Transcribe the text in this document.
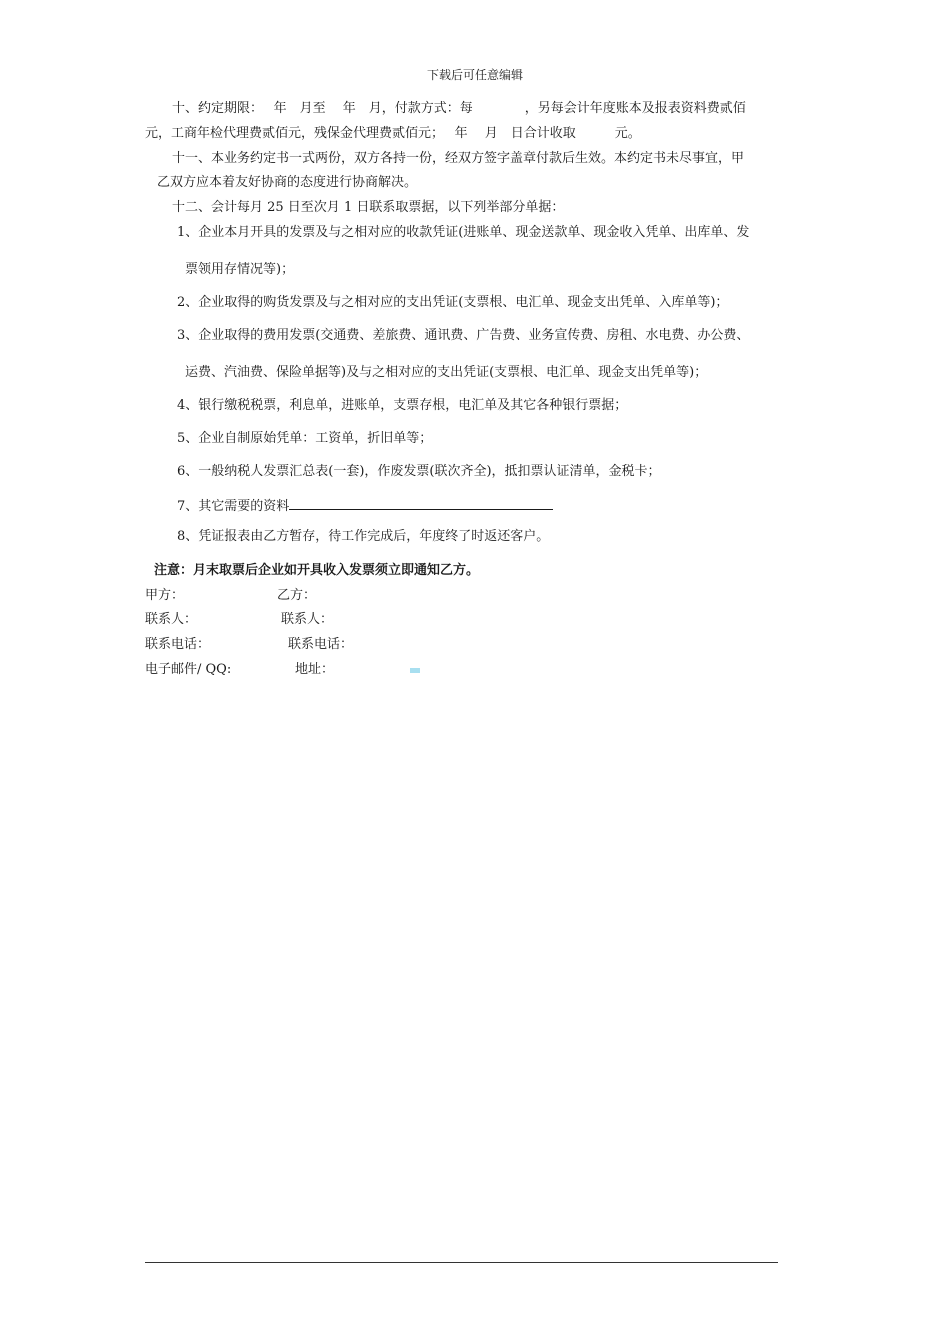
下载后可任意编辑
十、约定期限：　 年　月至　 年　月，付款方式：每　　　　，另每会计年度账本及报表资料费贰佰
元，工商年检代理费贰佰元，残保金代理费贰佰元；　 年　 月　日合计收取　　　元。
十一、本业务约定书一式两份，双方各持一份，经双方签字盖章付款后生效。本约定书未尽事宜，甲
乙双方应本着友好协商的态度进行协商解决。
十二、会计每月 25 日至次月 1 日联系取票据，以下列举部分单据：
1、企业本月开具的发票及与之相对应的收款凭证(进账单、现金送款单、现金收入凭单、出库单、发
票领用存情况等)；
2、企业取得的购货发票及与之相对应的支出凭证(支票根、电汇单、现金支出凭单、入库单等)；
3、企业取得的费用发票(交通费、差旅费、通讯费、广告费、业务宣传费、房租、水电费、办公费、
运费、汽油费、保险单据等)及与之相对应的支出凭证(支票根、电汇单、现金支出凭单等)；
4、银行缴税税票，利息单，进账单，支票存根，电汇单及其它各种银行票据；
5、企业自制原始凭单：工资单，折旧单等；
6、一般纳税人发票汇总表(一套)，作废发票(联次齐全)，抵扣票认证清单，金税卡；
7、其它需要的资料
8、凭证报表由乙方暂存，待工作完成后，年度终了时返还客户。
注意：月末取票后企业如开具收入发票须立即通知乙方。
甲方：	乙方：
联系人：	联系人：
联系电话：	联系电话：
电子邮件/ QQ:	地址：
